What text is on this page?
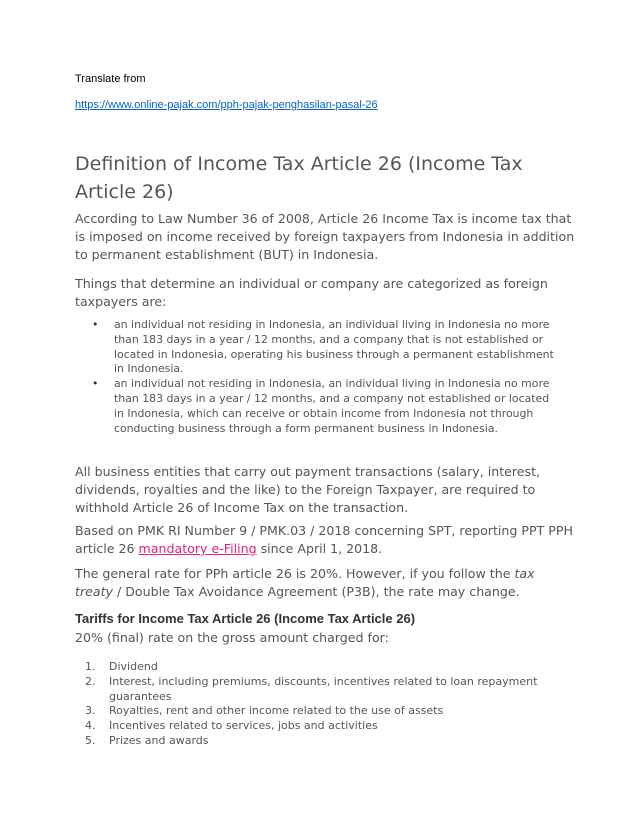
Translate from
https://www.online-pajak.com/pph-pajak-penghasilan-pasal-26
Definition of Income Tax Article 26 (Income Tax Article 26)

According to Law Number 36 of 2008, Article 26 Income Tax is income tax that is imposed on income received by foreign taxpayers from Indonesia in addition to permanent establishment (BUT) in Indonesia.

Things that determine an individual or company are categorized as foreign taxpayers are:

• an individual not residing in Indonesia, an individual living in Indonesia no more than 183 days in a year / 12 months, and a company that is not established or located in Indonesia, operating his business through a permanent establishment in Indonesia.
• an individual not residing in Indonesia, an individual living in Indonesia no more than 183 days in a year / 12 months, and a company not established or located in Indonesia, which can receive or obtain income from Indonesia not through conducting business through a form permanent business in Indonesia.

All business entities that carry out payment transactions (salary, interest, dividends, royalties and the like) to the Foreign Taxpayer, are required to withhold Article 26 of Income Tax on the transaction.

Based on PMK RI Number 9 / PMK.03 / 2018 concerning SPT, reporting PPT PPH article 26 mandatory e-Filing since April 1, 2018.

The general rate for PPh article 26 is 20%. However, if you follow the tax treaty / Double Tax Avoidance Agreement (P3B), the rate may change.

Tariffs for Income Tax Article 26 (Income Tax Article 26)

20% (final) rate on the gross amount charged for:

1. Dividend
2. Interest, including premiums, discounts, incentives related to loan repayment guarantees
3. Royalties, rent and other income related to the use of assets
4. Incentives related to services, jobs and activities
5. Prizes and awards
